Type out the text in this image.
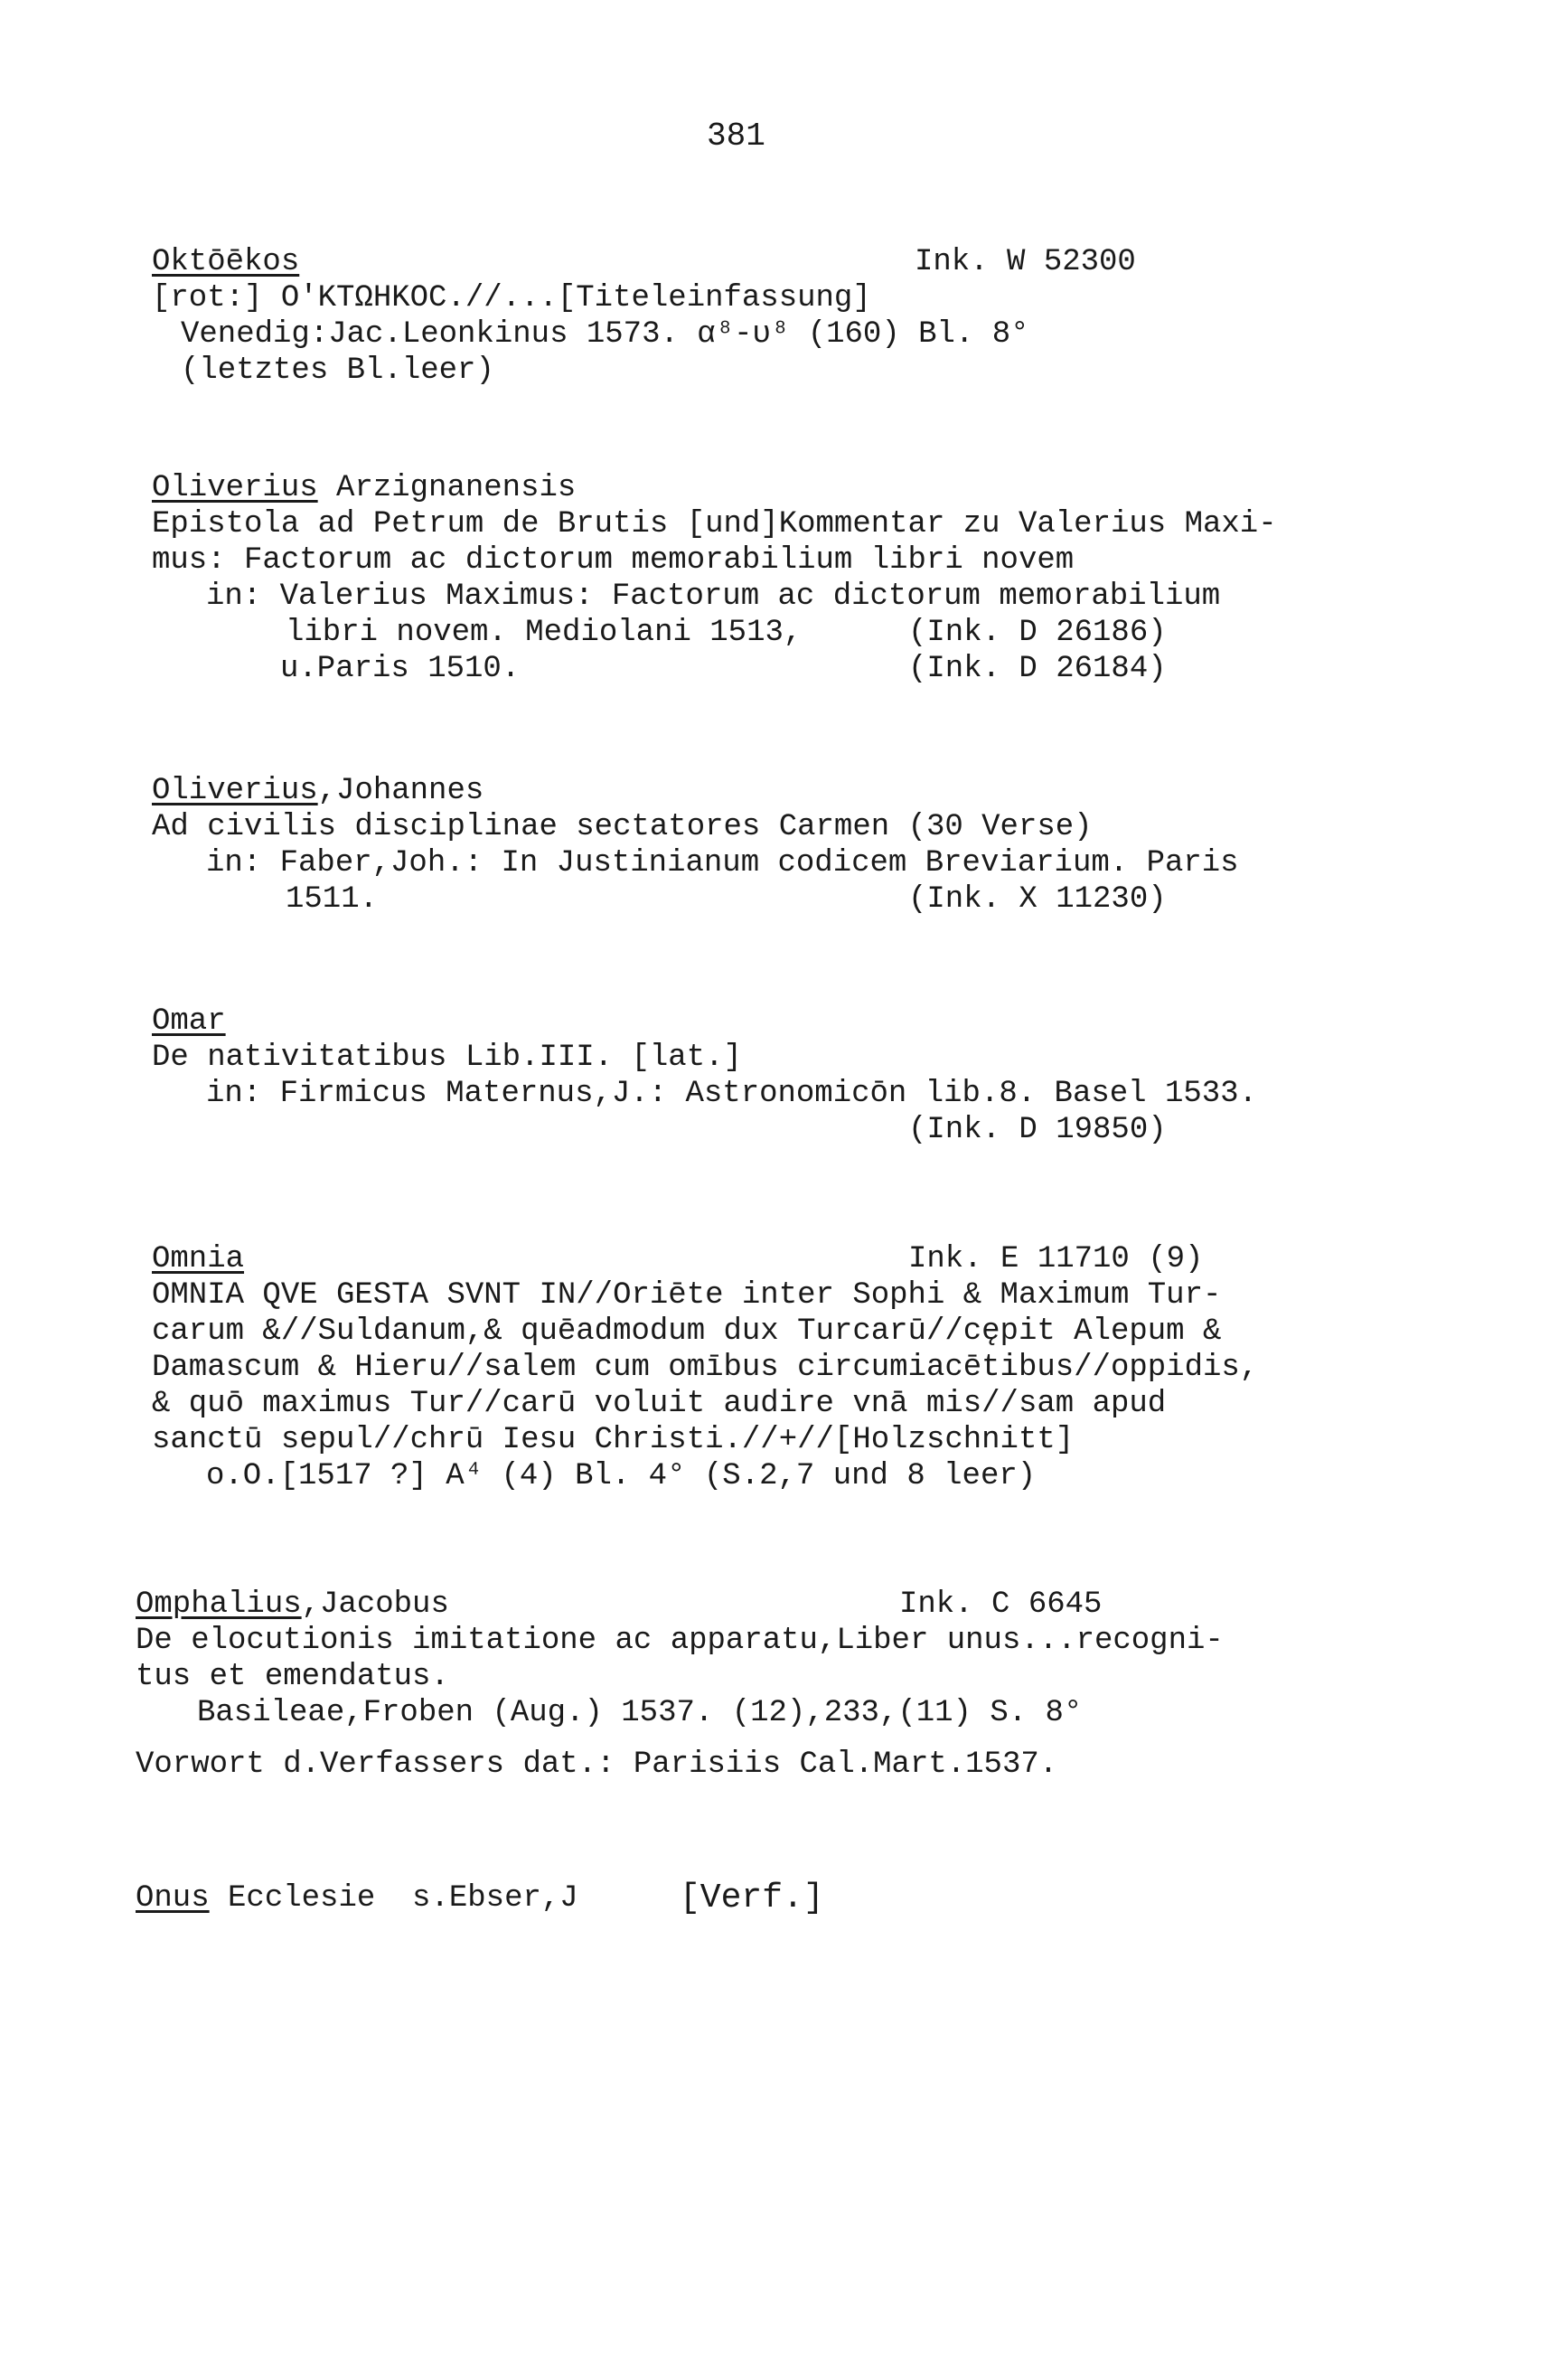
381
Oktōēkos	Ink. W 52300
[rot:] O'KTΩHKOC.//...[Titeleinfassung]
Venedig:Jac.Leonkinus 1573. α⁸-υ⁸ (160) Bl. 8°
(letztes Bl.leer)
Oliverius Arzignanensis
Epistola ad Petrum de Brutis [und]Kommentar zu Valerius Maxi-
mus: Factorum ac dictorum memorabilium libri novem
in: Valerius Maximus: Factorum ac dictorum memorabilium
libri novem. Mediolani 1513,	(Ink. D 26186)
u.Paris 1510.	(Ink. D 26184)
Oliverius,Johannes
Ad civilis disciplinae sectatores Carmen (30 Verse)
in: Faber,Joh.: In Justinianum codicem Breviarium. Paris
1511.	(Ink. X 11230)
Omar
De nativitatibus Lib.III. [lat.]
in: Firmicus Maternus,J.: Astronomicōn lib.8. Basel 1533.
(Ink. D 19850)
Omnia	Ink. E 11710 (9)
OMNIA QVE GESTA SVNT IN//Oriēte inter Sophi & Maximum Tur-
carum &//Suldanum,& quēadmodum dux Turcarū//cępit Alepum &
Damascum & Hieru//salem cum omībus circumiacētibus//oppidis,
& quō maximus Tur//carū voluit audire vnā mis//sam apud
sanctū sepul//chrū Iesu Christi.//+//[Holzschnitt]
o.O.[1517 ?] A⁴ (4) Bl. 4° (S.2,7 und 8 leer)
Omphalius,Jacobus	Ink. C 6645
De elocutionis imitatione ac apparatu,Liber unus...recogni-
tus et emendatus.
Basileae,Froben (Aug.) 1537. (12),233,(11) S. 8°
Vorwort d.Verfassers dat.: Parisiis Cal.Mart.1537.
Onus Ecclesie  s.Ebser,J	[Verf.]
